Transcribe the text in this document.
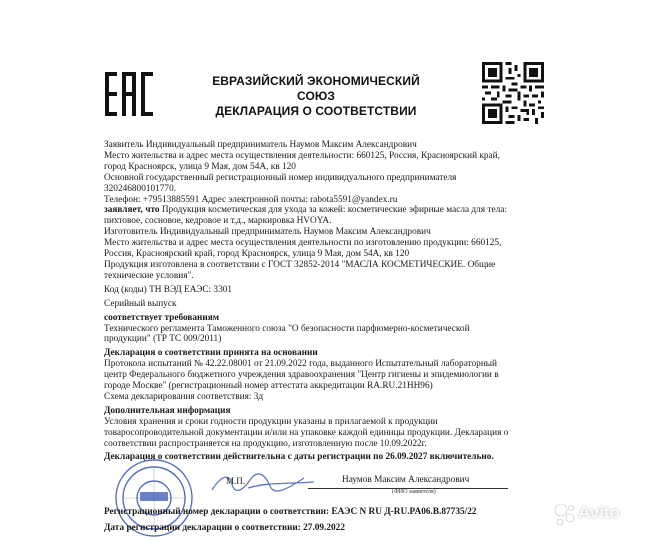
ЕВРАЗИЙСКИЙ ЭКОНОМИЧЕСКИЙ СОЮЗ
ДЕКЛАРАЦИЯ О СООТВЕТСТВИИ
Заявитель Индивидуальный предприниматель Наумов Максим Александрович
Место жительства и адрес места осуществления деятельности: 660125, Россия, Красноярский край,
город Красноярск, улица 9 Мая, дом 54А, кв 120
Основной государственный регистрационный номер индивидуального предпринимателя
320246800101770.
Телефон: +79513885591 Адрес электронной почты: rabota5591@yandex.ru
заявляет, что Продукция косметическая для ухода за кожей: косметические эфирные масла для тела:
пихтовое, сосновое, кедровое и т.д., маркировка HVOYA.
Изготовитель Индивидуальный предприниматель Наумов Максим Александрович
Место жительства и адрес места осуществления деятельности по изготовлению продукции: 660125,
Россия, Красноярский край, город Красноярск, улица 9 Мая, дом 54А, кв 120
Продукция изготовлена в соответствии с ГОСТ 32852-2014 "МАСЛА КОСМЕТИЧЕСКИЕ. Общие
технические условия".
Код (коды) ТН ВЭД ЕАЭС: 3301
Серийный выпуск
соответствует требованиям
Технического регламента Таможенного союза "О безопасности парфюмерно-косметической
продукции" (ТР ТС 009/2011)
Декларация о соответствии принята на основании
Протокола испытаний № 42.22.08001 от 21.09.2022 года, выданного Испытательный лабораторный
центр Федерального бюджетного учреждения здравоохранения "Центр гигиены и эпидемиологии в
городе Москве" (регистрационный номер аттестата аккредитации RA.RU.21HH96)
Схема декларирования соответствия: 3д
Дополнительная информация
Условия хранения и сроки годности продукции указаны в прилагаемой к продукции
товаросопроводительной документации и/или на упаковке каждой единицы продукции. Декларация о
соответствии распространяется на продукцию, изготовленную после 10.09.2022г.
Декларация о соответствии действительна с даты регистрации по 26.09.2027 включительно.
М.П.	Наумов Максим Александрович
(ФИО заявителя)
Регистрационный номер декларации о соответствии: ЕАЭС N RU Д-RU.PA06.B.87735/22
Дата регистрации декларации о соответствии: 27.09.2022
Avito
